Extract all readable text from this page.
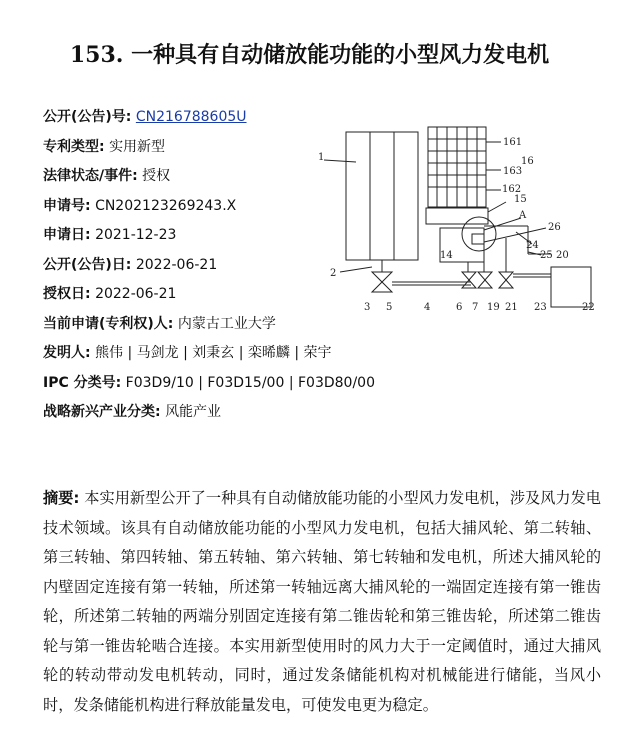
153. 一种具有自动储放能功能的小型风力发电机
公开(公告)号: CN216788605U
专利类型: 实用新型
法律状态/事件: 授权
申请号: CN202123269243.X
申请日: 2021-12-23
公开(公告)日: 2022-06-21
授权日: 2022-06-21
当前申请(专利权)人: 内蒙古工业大学
发明人: 熊伟 | 马剑龙 | 刘秉玄 | 栾晞麟 | 荣宇
IPC 分类号: F03D9/10 | F03D15/00 | F03D80/00
战略新兴产业分类: 风能产业
1
2
3 5	4	6 7 19 21 23	22
161
16
163
162
15
A
26
24
25 20
14
摘要: 本实用新型公开了一种具有自动储放能功能的小型风力发电机，涉及风力发电技术领域。该具有自动储放能功能的小型风力发电机，包括大捕风轮、第二转轴、第三转轴、第四转轴、第五转轴、第六转轴、第七转轴和发电机，所述大捕风轮的内壁固定连接有第一转轴，所述第一转轴远离大捕风轮的一端固定连接有第一锥齿轮，所述第二转轴的两端分别固定连接有第二锥齿轮和第三锥齿轮，所述第二锥齿轮与第一锥齿轮啮合连接。本实用新型使用时的风力大于一定阈值时，通过大捕风轮的转动带动发电机转动，同时，通过发条储能机构对机械能进行储能，当风小时，发条储能机构进行释放能量发电，可使发电更为稳定。
